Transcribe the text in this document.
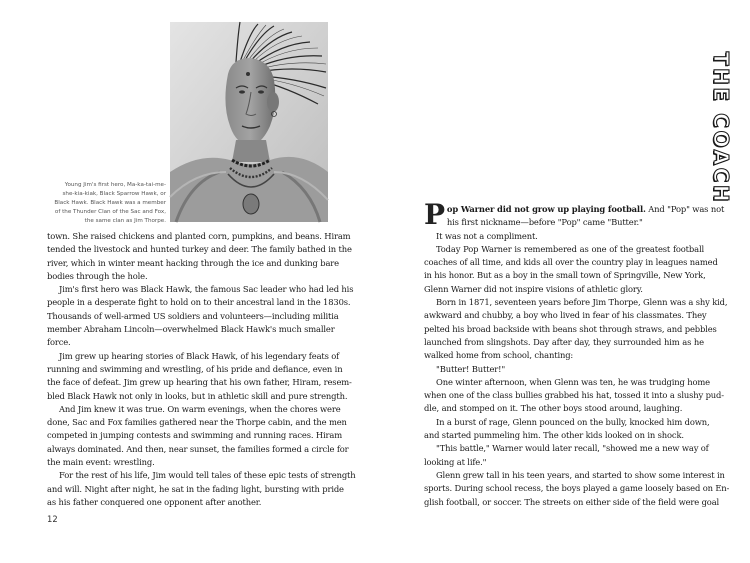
Young Jim's first hero, Ma-ka-tai-me-
she-kia-kiak, Black Sparrow Hawk, or
Black Hawk. Black Hawk was a member
of the Thunder Clan of the Sac and Fox,
the same clan as Jim Thorpe.
town. She raised chickens and planted corn, pumpkins, and beans. Hiram
tended the livestock and hunted turkey and deer. The family bathed in the
river, which in winter meant hacking through the ice and dunking bare
bodies through the hole.
Jim's first hero was Black Hawk, the famous Sac leader who had led his
people in a desperate fight to hold on to their ancestral land in the 1830s.
Thousands of well-armed US soldiers and volunteers—including militia
member Abraham Lincoln—overwhelmed Black Hawk's much smaller
force.
Jim grew up hearing stories of Black Hawk, of his legendary feats of
running and swimming and wrestling, of his pride and defiance, even in
the face of defeat. Jim grew up hearing that his own father, Hiram, resem-
bled Black Hawk not only in looks, but in athletic skill and pure strength.
And Jim knew it was true. On warm evenings, when the chores were
done, Sac and Fox families gathered near the Thorpe cabin, and the men
competed in jumping contests and swimming and running races. Hiram
always dominated. And then, near sunset, the families formed a circle for
the main event: wrestling.
For the rest of his life, Jim would tell tales of these epic tests of strength
and will. Night after night, he sat in the fading light, bursting with pride
as his father conquered one opponent after another.
12
THE COACH
P op Warner did not grow up playing football. And "Pop" was not
his first nickname—before "Pop" came "Butter."
It was not a compliment.
Today Pop Warner is remembered as one of the greatest football
coaches of all time, and kids all over the country play in leagues named
in his honor. But as a boy in the small town of Springville, New York,
Glenn Warner did not inspire visions of athletic glory.
Born in 1871, seventeen years before Jim Thorpe, Glenn was a shy kid,
awkward and chubby, a boy who lived in fear of his classmates. They
pelted his broad backside with beans shot through straws, and pebbles
launched from slingshots. Day after day, they surrounded him as he
walked home from school, chanting:
"Butter! Butter!"
One winter afternoon, when Glenn was ten, he was trudging home
when one of the class bullies grabbed his hat, tossed it into a slushy pud-
dle, and stomped on it. The other boys stood around, laughing.
In a burst of rage, Glenn pounced on the bully, knocked him down,
and started pummeling him. The other kids looked on in shock.
"This battle," Warner would later recall, "showed me a new way of
looking at life."
Glenn grew tall in his teen years, and started to show some interest in
sports. During school recess, the boys played a game loosely based on En-
glish football, or soccer. The streets on either side of the field were goal
